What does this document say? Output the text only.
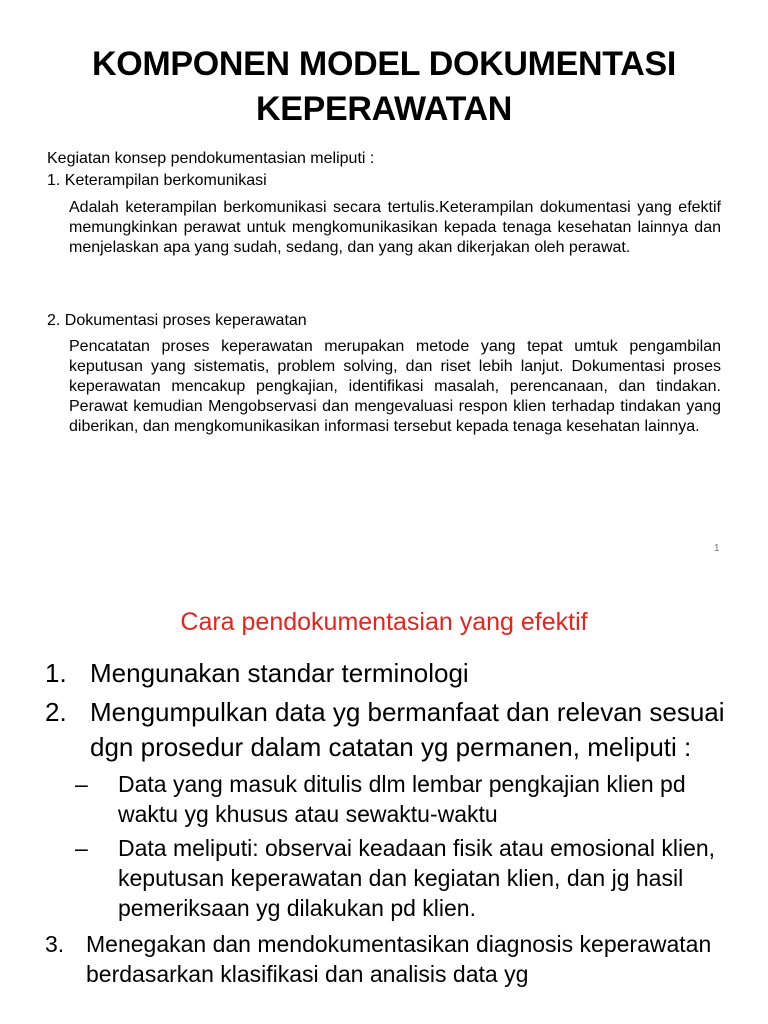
KOMPONEN MODEL DOKUMENTASI
KEPERAWATAN
Kegiatan konsep pendokumentasian meliputi :
1. Keterampilan berkomunikasi
Adalah keterampilan berkomunikasi secara tertulis.Keterampilan dokumentasi yang efektif memungkinkan perawat untuk mengkomunikasikan kepada tenaga kesehatan lainnya dan menjelaskan apa yang sudah, sedang, dan yang akan dikerjakan oleh perawat.
2. Dokumentasi proses keperawatan
Pencatatan proses keperawatan merupakan metode yang tepat umtuk pengambilan keputusan yang sistematis, problem solving, dan riset lebih lanjut. Dokumentasi proses keperawatan mencakup pengkajian, identifikasi masalah, perencanaan, dan tindakan. Perawat kemudian Mengobservasi dan mengevaluasi respon klien terhadap tindakan yang diberikan, dan mengkomunikasikan informasi tersebut kepada tenaga kesehatan lainnya.
1
Cara pendokumentasian yang efektif
1. Mengunakan standar terminologi
2. Mengumpulkan data yg bermanfaat dan relevan sesuai dgn prosedur dalam catatan yg permanen, meliputi :
– Data yang masuk ditulis dlm lembar pengkajian klien pd waktu yg khusus atau sewaktu-waktu
– Data meliputi: observai keadaan fisik atau emosional klien, keputusan keperawatan dan kegiatan klien, dan jg hasil pemeriksaan yg dilakukan pd klien.
3. Menegakan dan mendokumentasikan diagnosis keperawatan berdasarkan klasifikasi dan analisis data yg
